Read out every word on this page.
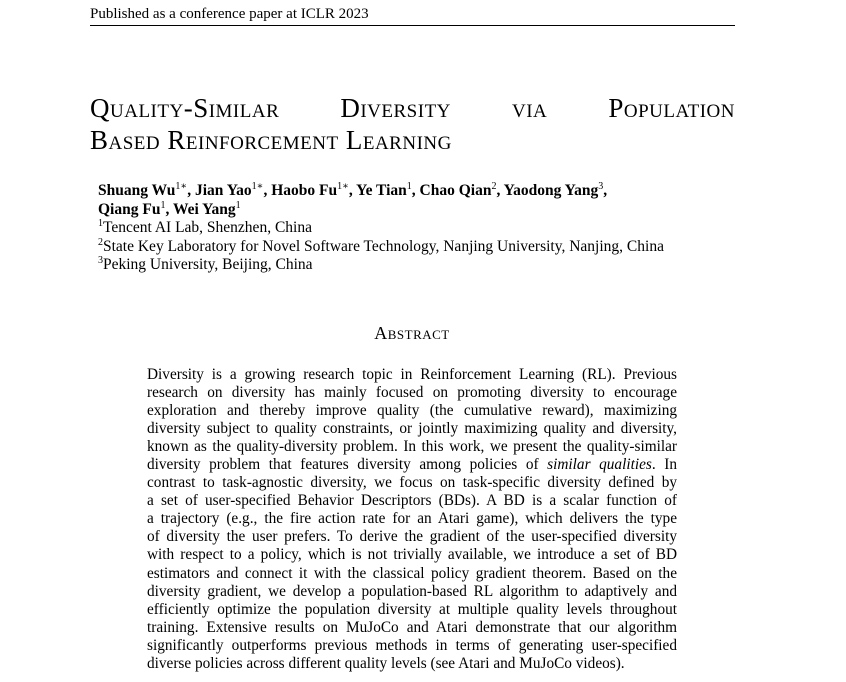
Published as a conference paper at ICLR 2023
Quality-Similar Diversity via Population
Based Reinforcement Learning
Shuang $Wu^{1∗}$, Jian Yao$^{1∗}$, Haobo $Fu^{1∗}$, Ye Tian$^1$, Chao Qian$^2$, Yaodong Yang$^3$,
Qiang Fu$^1$, Wei Yang$^1$
$^1$Tencent AI Lab, Shenzhen, China
$^2$State Key Laboratory for Novel Software Technology, Nanjing University, Nanjing, China
$^3$Peking University, Beijing, China
Abstract
Diversity is a growing research topic in Reinforcement Learning (RL). Previous
research on diversity has mainly focused on promoting diversity to encourage
exploration and thereby improve quality (the cumulative reward), maximizing
diversity subject to quality constraints, or jointly maximizing quality and diversity,
known as the quality-diversity problem. In this work, we present the quality-similar
diversity problem that features diversity among policies of similar qualities. In
contrast to task-agnostic diversity, we focus on task-specific diversity defined by
a set of user-specified Behavior Descriptors (BDs). A BD is a scalar function of
a trajectory (e.g., the fire action rate for an Atari game), which delivers the type
of diversity the user prefers. To derive the gradient of the user-specified diversity
with respect to a policy, which is not trivially available, we introduce a set of BD
estimators and connect it with the classical policy gradient theorem. Based on the
diversity gradient, we develop a population-based RL algorithm to adaptively and
efficiently optimize the population diversity at multiple quality levels throughout
training. Extensive results on MuJoCo and Atari demonstrate that our algorithm
significantly outperforms previous methods in terms of generating user-specified
diverse policies across different quality levels (see Atari and MuJoCo videos).
